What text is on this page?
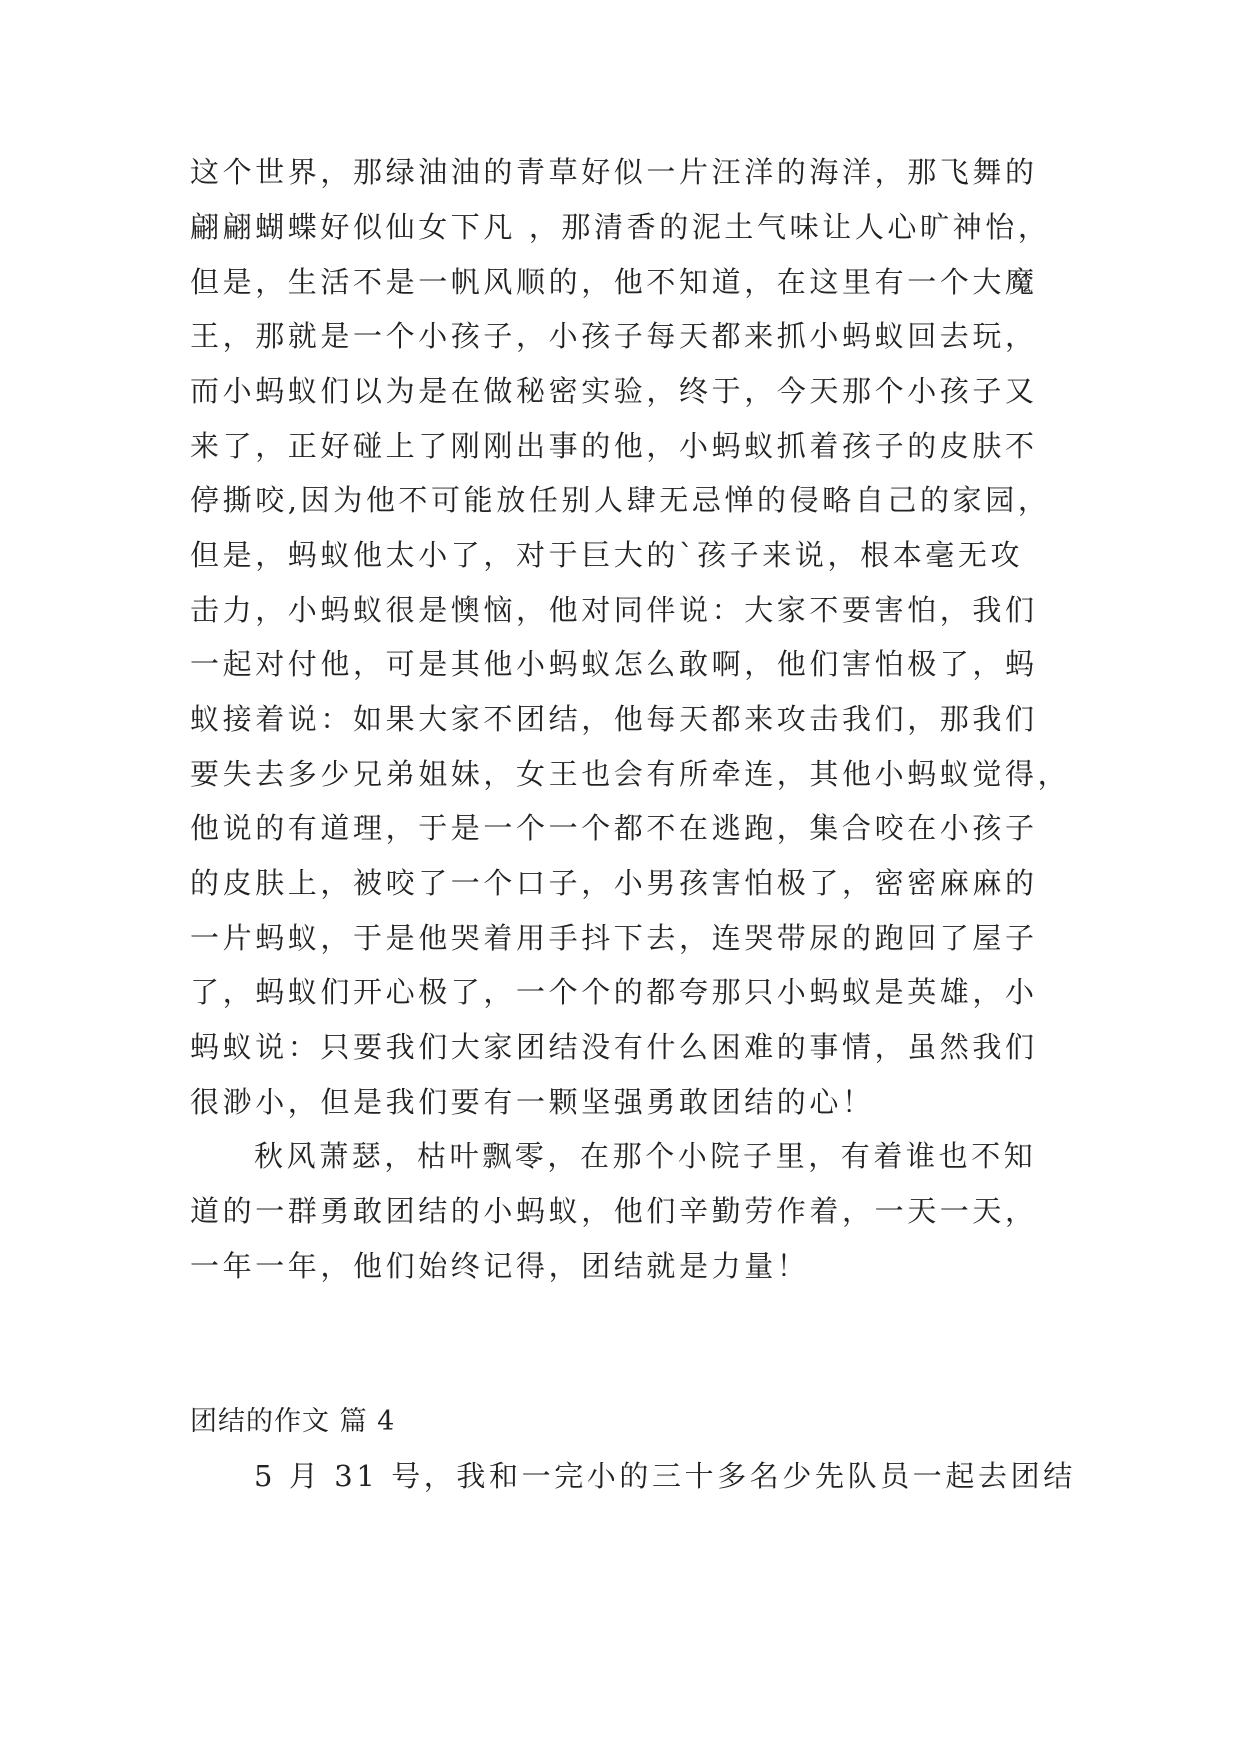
这个世界，那绿油油的青草好似一片汪洋的海洋，那飞舞的
翩翩蝴蝶好似仙女下凡 ，那清香的泥土气味让人心旷神怡，
但是，生活不是一帆风顺的，他不知道，在这里有一个大魔
王，那就是一个小孩子，小孩子每天都来抓小蚂蚁回去玩，
而小蚂蚁们以为是在做秘密实验，终于，今天那个小孩子又
来了，正好碰上了刚刚出事的他，小蚂蚁抓着孩子的皮肤不
停撕咬,因为他不可能放任别人肆无忌惮的侵略自己的家园，
但是，蚂蚁他太小了，对于巨大的`孩子来说，根本毫无攻
击力，小蚂蚁很是懊恼，他对同伴说：大家不要害怕，我们
一起对付他，可是其他小蚂蚁怎么敢啊，他们害怕极了，蚂
蚁接着说：如果大家不团结，他每天都来攻击我们，那我们
要失去多少兄弟姐妹，女王也会有所牵连，其他小蚂蚁觉得，
他说的有道理，于是一个一个都不在逃跑，集合咬在小孩子
的皮肤上，被咬了一个口子，小男孩害怕极了，密密麻麻的
一片蚂蚁，于是他哭着用手抖下去，连哭带尿的跑回了屋子
了，蚂蚁们开心极了，一个个的都夸那只小蚂蚁是英雄，小
蚂蚁说：只要我们大家团结没有什么困难的事情，虽然我们
很渺小，但是我们要有一颗坚强勇敢团结的心！
秋风萧瑟，枯叶飘零，在那个小院子里，有着谁也不知
道的一群勇敢团结的小蚂蚁，他们辛勤劳作着，一天一天，
一年一年，他们始终记得，团结就是力量！
团结的作文 篇 4
5 月 31 号，我和一完小的三十多名少先队员一起去团结
